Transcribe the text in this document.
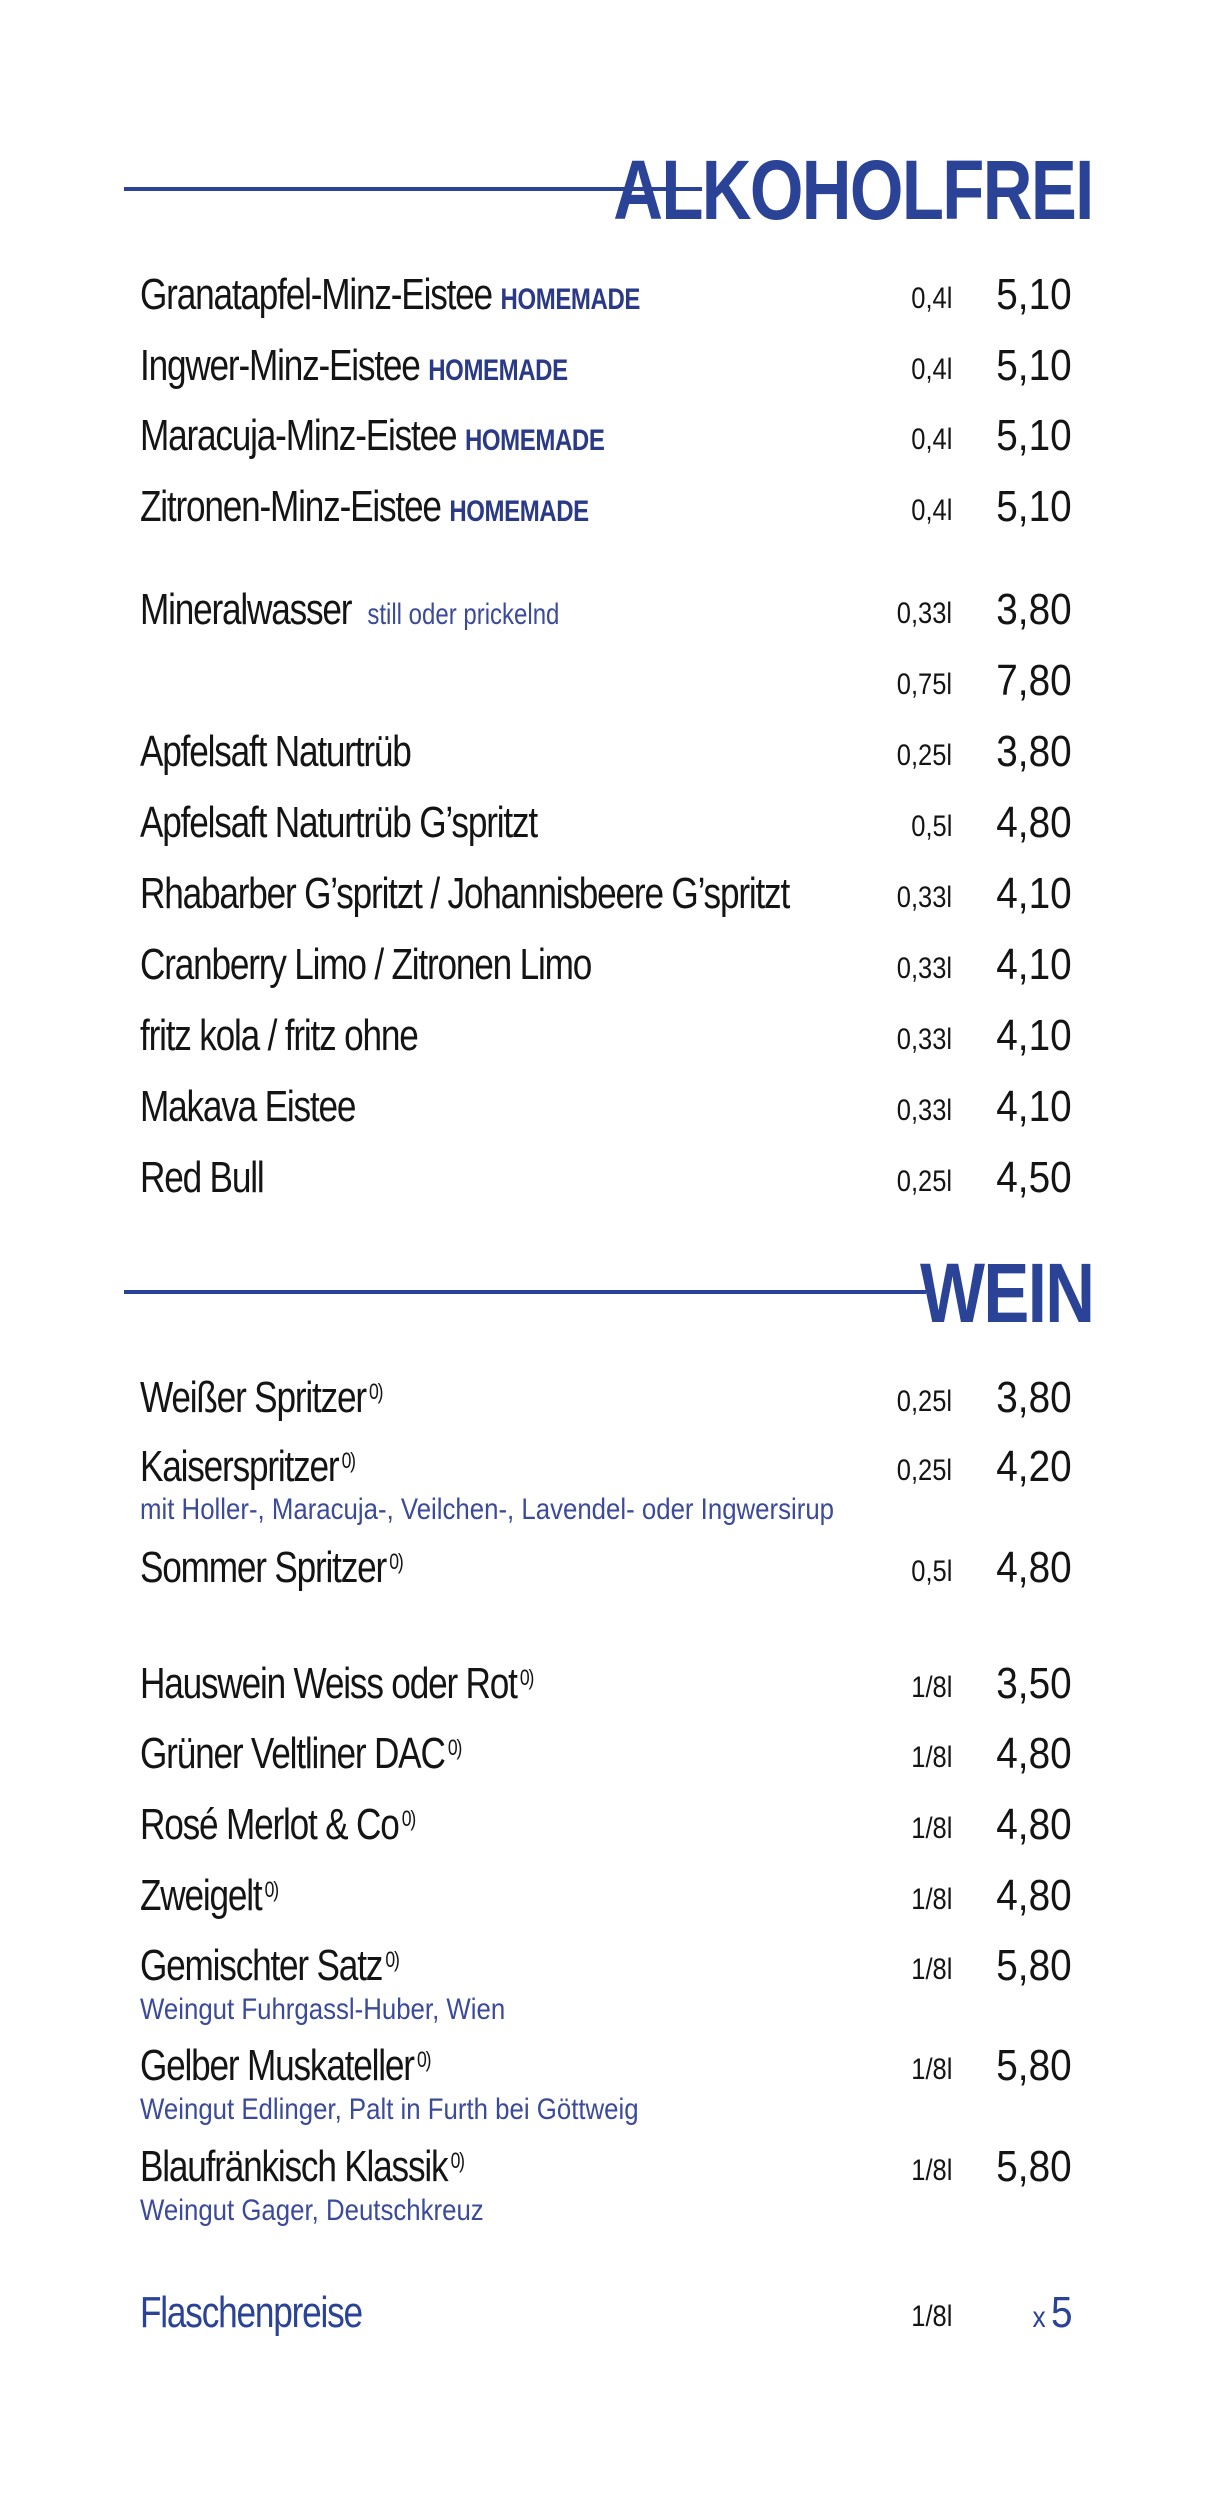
ALKOHOLFREI
Granatapfel-Minz-Eistee HOMEMADE	0,4l 5,10
Ingwer-Minz-Eistee HOMEMADE	0,4l 5,10
Maracuja-Minz-Eistee HOMEMADE	0,4l 5,10
Zitronen-Minz-Eistee HOMEMADE	0,4l 5,10
Mineralwasser still oder prickelnd	0,33l 3,80
0,75l 7,80
Apfelsaft Naturtrüb	0,25l 3,80
Apfelsaft Naturtrüb G’spritzt	0,5l 4,80
Rhabarber G’spritzt / Johannisbeere G’spritzt	0,33l 4,10
Cranberry Limo / Zitronen Limo	0,33l 4,10
fritz kola / fritz ohne	0,33l 4,10
Makava Eistee	0,33l 4,10
Red Bull	0,25l 4,50
WEIN
Weißer Spritzer $^{0)}$	0,25l 3,80
Kaiserspritzer $^{0)}$	0,25l 4,20
mit Holler-, Maracuja-, Veilchen-, Lavendel- oder Ingwersirup
Sommer Spritzer $^{0)}$	0,5l 4,80
Hauswein Weiss oder Rot $^{0)}$	1/8l 3,50
Grüner Veltliner DAC $^{0)}$	1/8l 4,80
Rosé Merlot & Co $^{0)}$	1/8l 4,80
Zweigelt $^{0)}$	1/8l 4,80
Gemischter Satz $^{0)}$	1/8l 5,80
Weingut Fuhrgassl-Huber, Wien
Gelber Muskateller $^{0)}$	1/8l 5,80
Weingut Edlinger, Palt in Furth bei Göttweig
Blaufränkisch Klassik $^{0)}$	1/8l 5,80
Weingut Gager, Deutschkreuz
Flaschenpreise	1/8l	x 5
